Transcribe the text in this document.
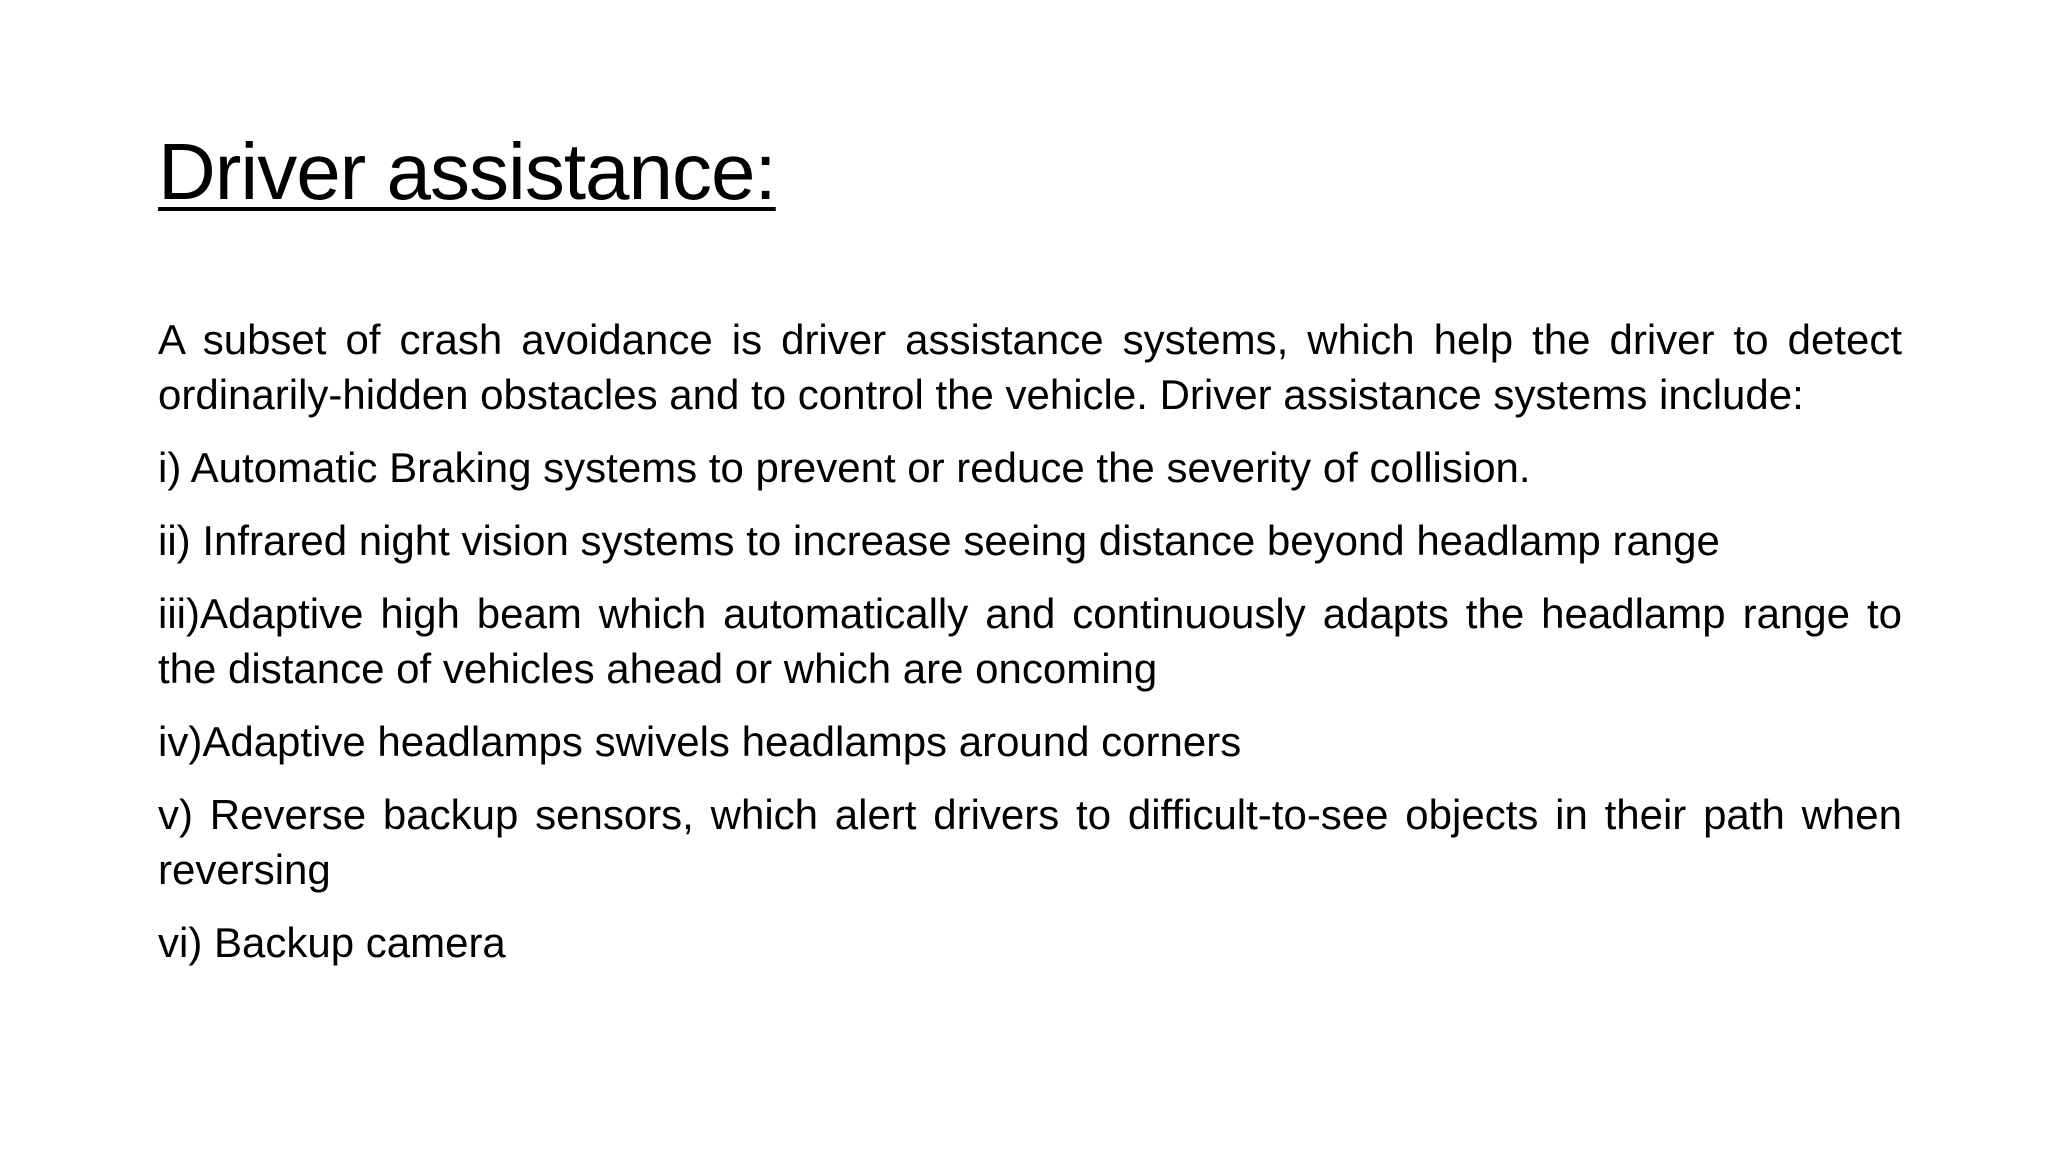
Driver assistance:

A subset of crash avoidance is driver assistance systems, which help the driver to detect ordinarily-hidden obstacles and to control the vehicle. Driver assistance systems include:

i) Automatic Braking systems to prevent or reduce the severity of collision.

ii) Infrared night vision systems to increase seeing distance beyond headlamp range

iii)Adaptive high beam which automatically and continuously adapts the headlamp range to the distance of vehicles ahead or which are oncoming

iv)Adaptive headlamps swivels headlamps around corners

v) Reverse backup sensors, which alert drivers to difficult-to-see objects in their path when reversing

vi) Backup camera
